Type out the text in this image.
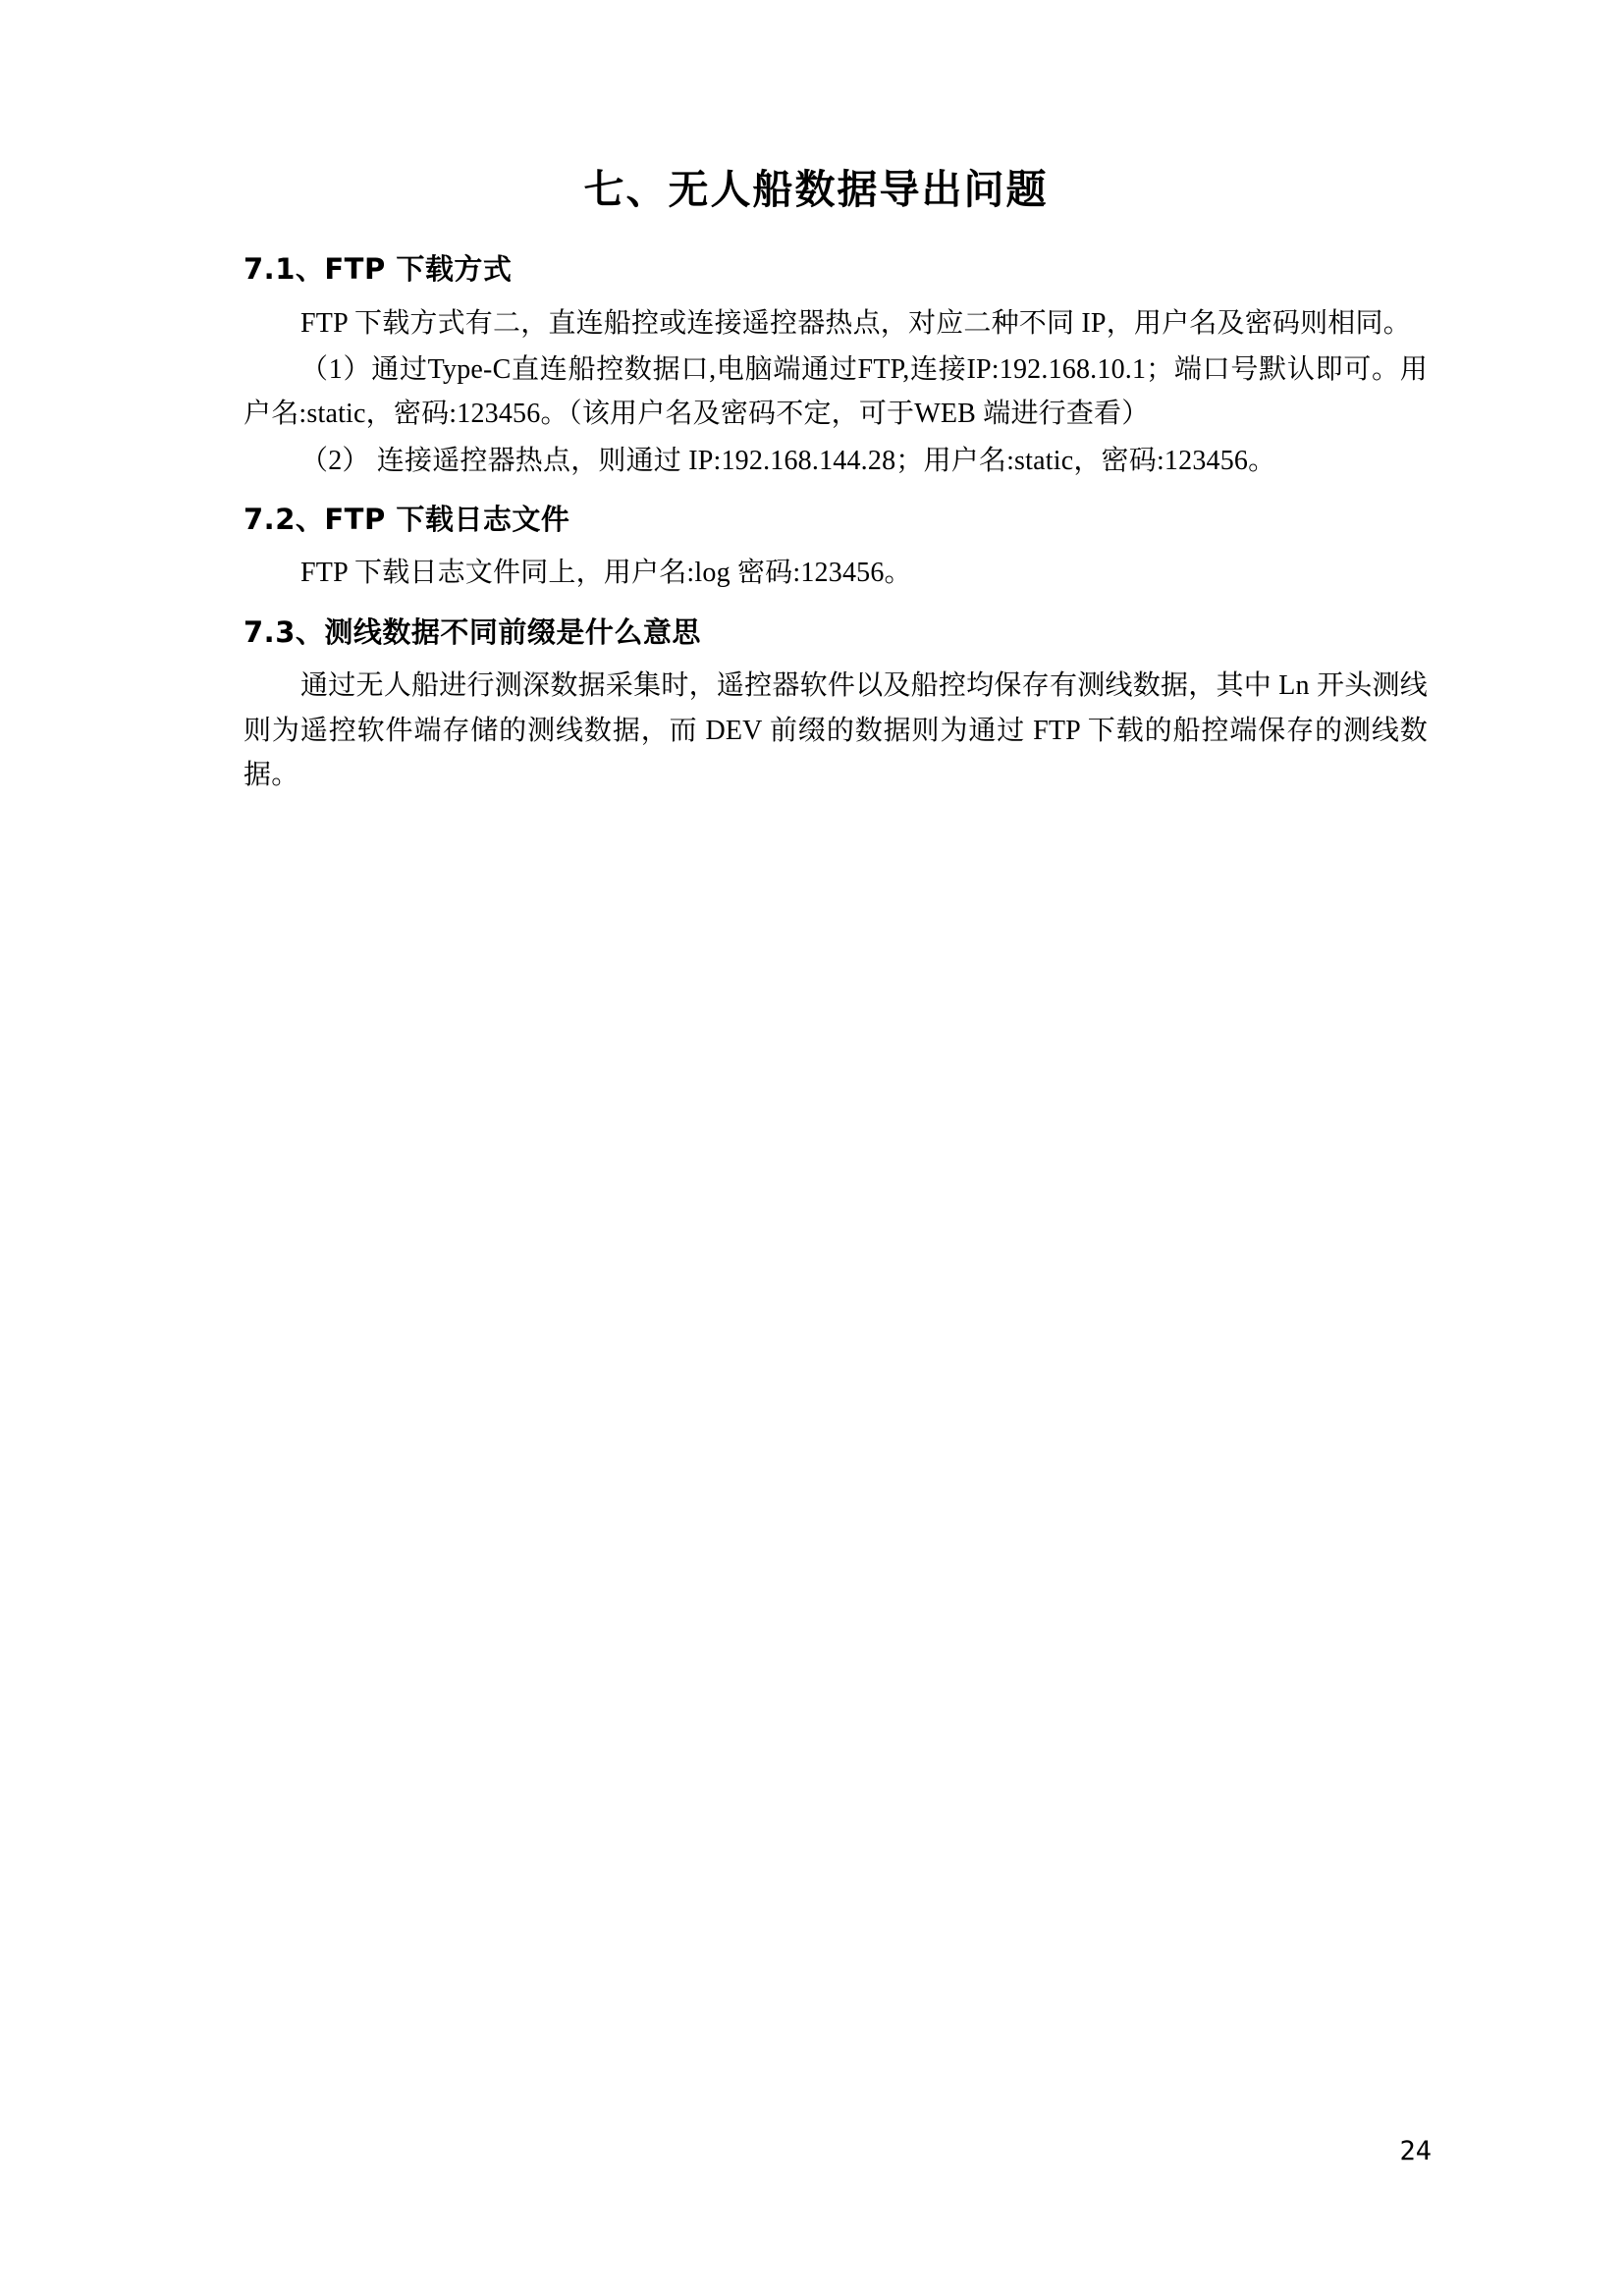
七、无人船数据导出问题
7.1、FTP 下载方式

FTP 下载方式有二，直连船控或连接遥控器热点，对应二种不同 IP，用户名及密码则相同。

（1）通过Type-C直连船控数据口,电脑端通过FTP,连接IP:192.168.10.1；端口号默认即可。用户名:static，密码:123456。（该用户名及密码不定，可于WEB 端进行查看）

（2） 连接遥控器热点，则通过 IP:192.168.144.28；用户名:static，密码:123456。

7.2、FTP 下载日志文件

FTP 下载日志文件同上，用户名:log 密码:123456。

7.3、测线数据不同前缀是什么意思

通过无人船进行测深数据采集时，遥控器软件以及船控均保存有测线数据，其中 Ln 开头测线则为遥控软件端存储的测线数据，而 DEV 前缀的数据则为通过 FTP 下载的船控端保存的测线数据。

24
